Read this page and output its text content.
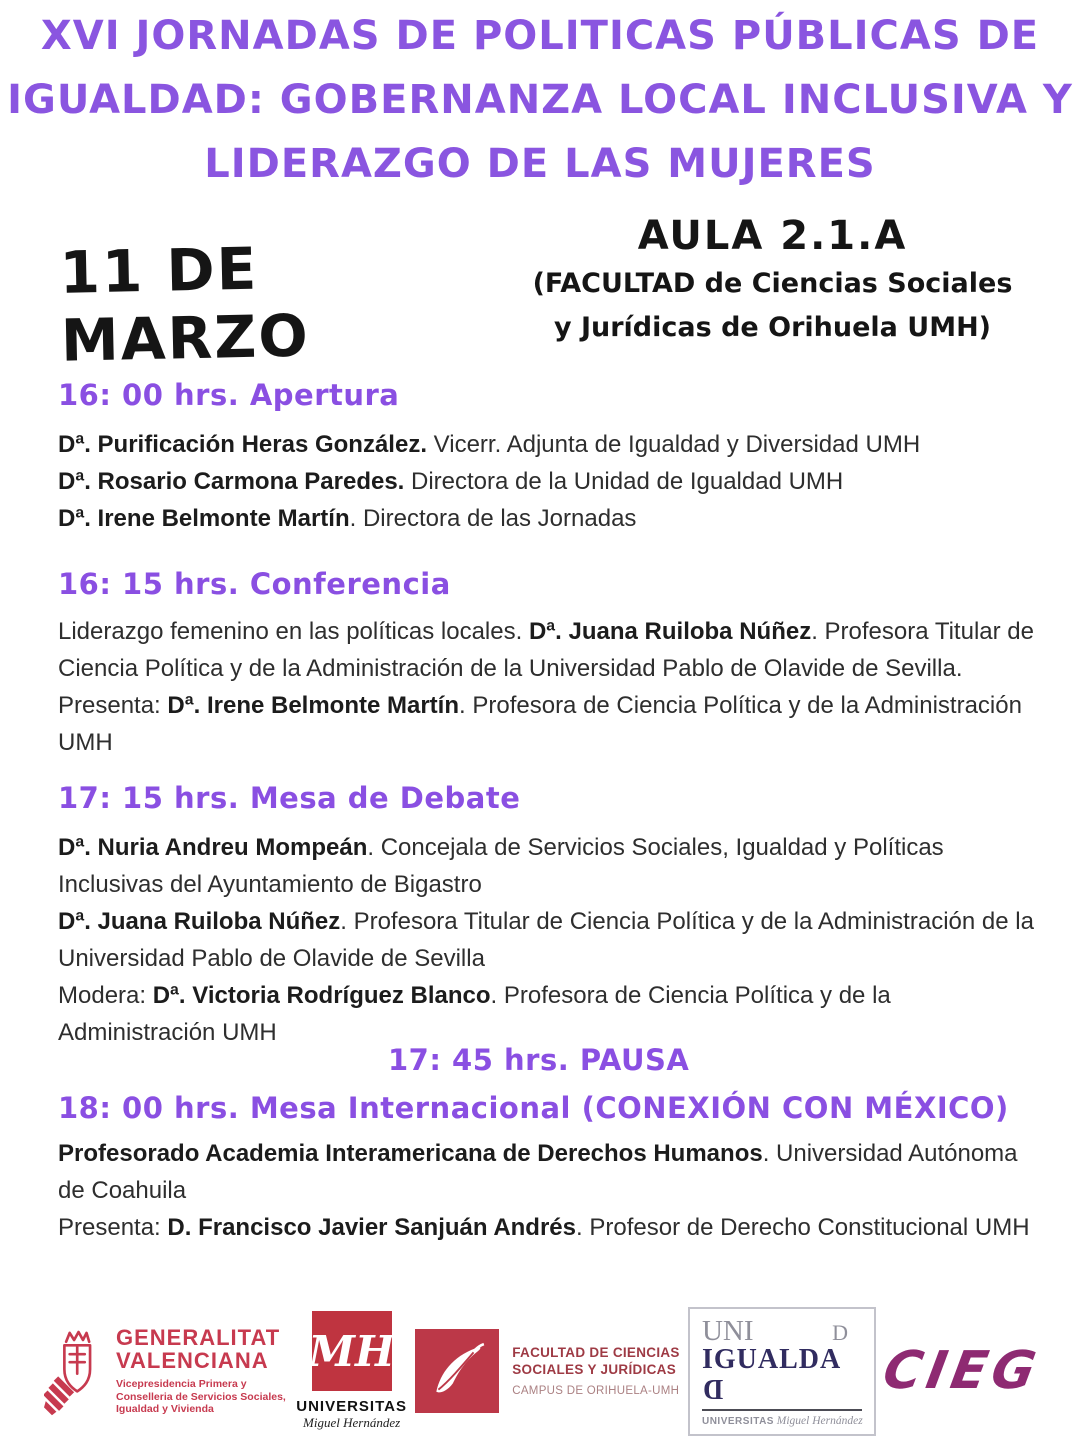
XVI JORNADAS DE POLITICAS PÚBLICAS DE
IGUALDAD: GOBERNANZA LOCAL INCLUSIVA Y
LIDERAZGO DE LAS MUJERES
11 DE MARZO
AULA 2.1.A
(FACULTAD de Ciencias Sociales
y Jurídicas de Orihuela UMH)
16: 00 hrs. Apertura

Dª. Purificación Heras González. Vicerr. Adjunta de Igualdad y Diversidad UMH

Dª. Rosario Carmona Paredes. Directora de la Unidad de Igualdad UMH

Dª. Irene Belmonte Martín. Directora de las Jornadas

16: 15 hrs. Conferencia

Liderazgo femenino en las políticas locales. Dª. Juana Ruiloba Núñez. Profesora Titular de Ciencia Política y de la Administración de la Universidad Pablo de Olavide de Sevilla.

Presenta: Dª. Irene Belmonte Martín. Profesora de Ciencia Política y de la Administración UMH

17: 15 hrs. Mesa de Debate

Dª. Nuria Andreu Mompeán. Concejala de Servicios Sociales, Igualdad y Políticas Inclusivas del Ayuntamiento de Bigastro

Dª. Juana Ruiloba Núñez. Profesora Titular de Ciencia Política y de la Administración de la Universidad Pablo de Olavide de Sevilla

Modera: Dª. Victoria Rodríguez Blanco. Profesora de Ciencia Política y de la Administración UMH

17: 45 hrs. PAUSA
18: 00 hrs. Mesa Internacional (CONEXIÓN CON MÉXICO)

Profesorado Academia Interamericana de Derechos Humanos. Universidad Autónoma de Coahuila

Presenta: D. Francisco Javier Sanjuán Andrés. Profesor de Derecho Constitucional UMH

GENERALITAT
VALENCIANA
Vicepresidencia Primera y Conselleria de Servicios Sociales, Igualdad y Vivienda
MH
UNIVERSITAS
Miguel Hernández
FACULTAD DE CIENCIAS
SOCIALES Y JURÍDICAS
CAMPUS DE ORIHUELA-UMH
UNI	D
IGUALDAD
UNIVERSITAS Miguel Hernández
CIEG
